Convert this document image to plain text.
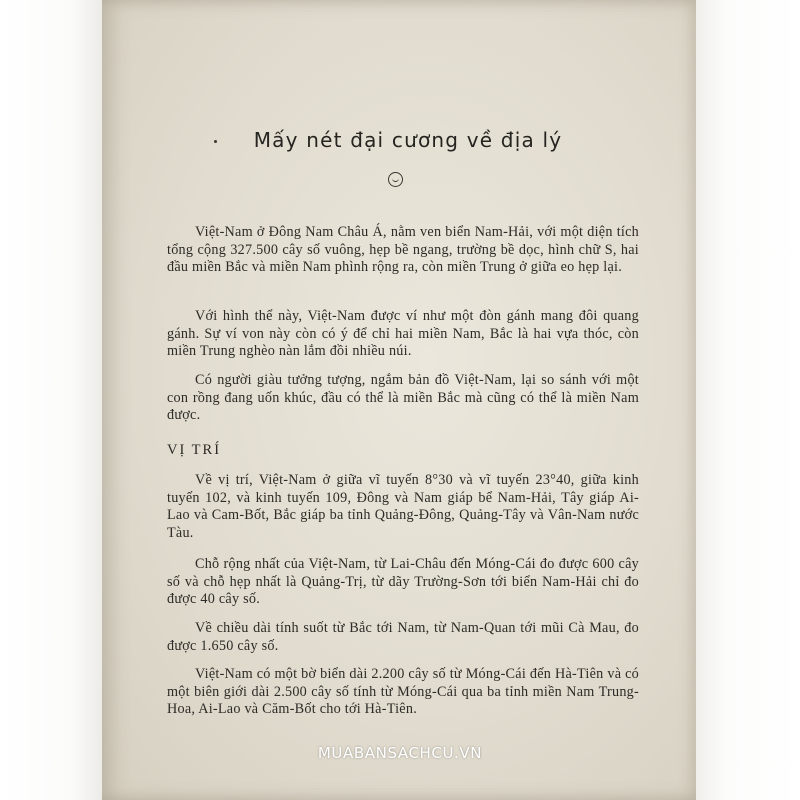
Mấy nét đại cương về địa lý

Việt-Nam ở Đông Nam Châu Á, nằm ven biển Nam-Hải, với một diện tích tổng cộng 327.500 cây số vuông, hẹp bề ngang, trường bề dọc, hình chữ S, hai đầu miền Bắc và miền Nam phình rộng ra, còn miền Trung ở giữa eo hẹp lại.

Với hình thể này, Việt-Nam được ví như một đòn gánh mang đôi quang gánh. Sự ví von này còn có ý để chỉ hai miền Nam, Bắc là hai vựa thóc, còn miền Trung nghèo nàn lắm đồi nhiều núi.

Có người giàu tưởng tượng, ngắm bản đồ Việt-Nam, lại so sánh với một con rồng đang uốn khúc, đầu có thể là miền Bắc mà cũng có thể là miền Nam được.

VỊ TRÍ

Về vị trí, Việt-Nam ở giữa vĩ tuyến 8°30 và vĩ tuyến 23°40, giữa kinh tuyến 102, và kinh tuyến 109, Đông và Nam giáp bể Nam-Hải, Tây giáp Ai-Lao và Cam-Bốt, Bắc giáp ba tỉnh Quảng-Đông, Quảng-Tây và Vân-Nam nước Tàu.

Chỗ rộng nhất của Việt-Nam, từ Lai-Châu đến Móng-Cái đo được 600 cây số và chỗ hẹp nhất là Quảng-Trị, từ dãy Trường-Sơn tới biển Nam-Hải chỉ đo được 40 cây số.

Về chiều dài tính suốt từ Bắc tới Nam, từ Nam-Quan tới mũi Cà Mau, đo được 1.650 cây số.

Việt-Nam có một bờ biển dài 2.200 cây số từ Móng-Cái đến Hà-Tiên và có một biên giới dài 2.500 cây số tính từ Móng-Cái qua ba tỉnh miền Nam Trung-Hoa, Ai-Lao và Căm-Bốt cho tới Hà-Tiên.

MUABANSACHCU.VN
